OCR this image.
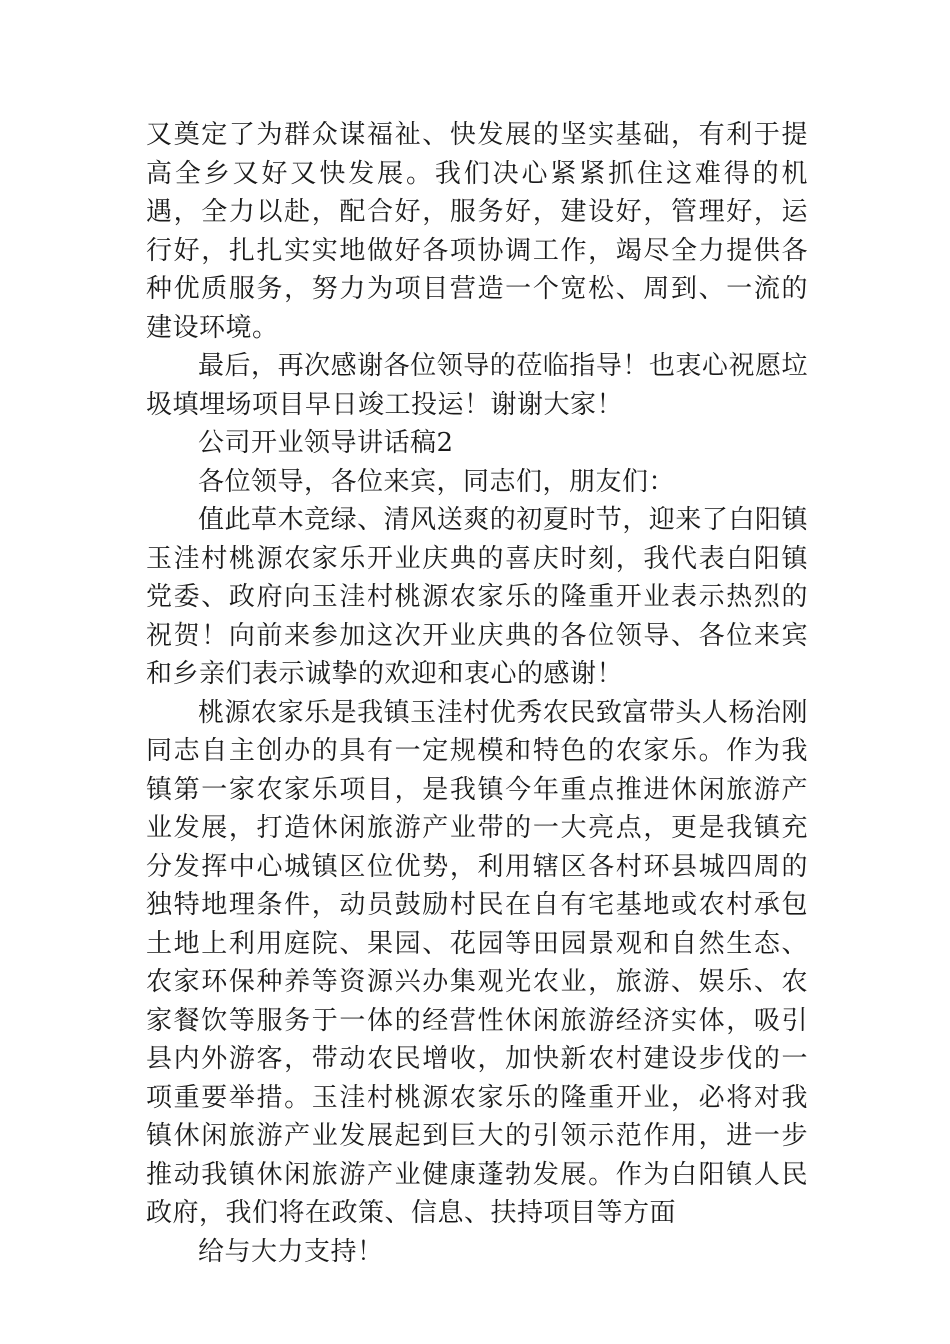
又奠定了为群众谋福祉、快发展的坚实基础，有利于提高全乡又好又快发展。我们决心紧紧抓住这难得的机遇，全力以赴，配合好，服务好，建设好，管理好，运行好，扎扎实实地做好各项协调工作，竭尽全力提供各种优质服务，努力为项目营造一个宽松、周到、一流的建设环境。

最后，再次感谢各位领导的莅临指导！也衷心祝愿垃圾填埋场项目早日竣工投运！谢谢大家！

公司开业领导讲话稿2

各位领导，各位来宾，同志们，朋友们：

值此草木竞绿、清风送爽的初夏时节，迎来了白阳镇玉洼村桃源农家乐开业庆典的喜庆时刻，我代表白阳镇党委、政府向玉洼村桃源农家乐的隆重开业表示热烈的祝贺！向前来参加这次开业庆典的各位领导、各位来宾和乡亲们表示诚挚的欢迎和衷心的感谢！

桃源农家乐是我镇玉洼村优秀农民致富带头人杨治刚同志自主创办的具有一定规模和特色的农家乐。作为我镇第一家农家乐项目，是我镇今年重点推进休闲旅游产业发展，打造休闲旅游产业带的一大亮点，更是我镇充分发挥中心城镇区位优势，利用辖区各村环县城四周的独特地理条件，动员鼓励村民在自有宅基地或农村承包土地上利用庭院、果园、花园等田园景观和自然生态、农家环保种养等资源兴办集观光农业，旅游、娱乐、农家餐饮等服务于一体的经营性休闲旅游经济实体，吸引县内外游客，带动农民增收，加快新农村建设步伐的一项重要举措。玉洼村桃源农家乐的隆重开业，必将对我镇休闲旅游产业发展起到巨大的引领示范作用，进一步推动我镇休闲旅游产业健康蓬勃发展。作为白阳镇人民政府，我们将在政策、信息、扶持项目等方面

给与大力支持！
